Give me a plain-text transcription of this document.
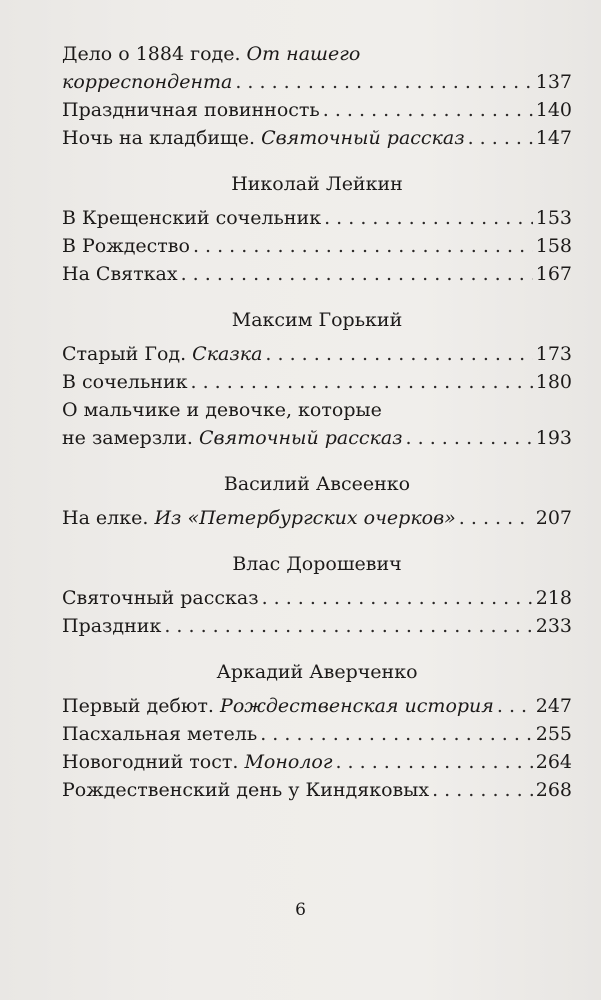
Дело о 1884 годе. От нашего
корреспондента . . .	137
Праздничная повинность . . .	140
Ночь на кладбище. Святочный рассказ . . .	147
Николай Лейкин
В Крещенский сочельник . . .	153
В Рождество . . .	158
На Святках . . .	167
Максим Горький
Старый Год. Сказка . . .	173
В сочельник . . .	180
О мальчике и девочке, которые
не замерзли. Святочный рассказ . . .	193
Василий Авсеенко
На елке. Из «Петербургских очерков» . . .	207
Влас Дорошевич
Святочный рассказ . . .	218
Праздник . . .	233
Аркадий Аверченко
Первый дебют. Рождественская история . . . 247
Пасхальная метель . . .	255
Новогодний тост. Монолог . . .	264
Рождественский день у Киндяковых . . .	268
6
